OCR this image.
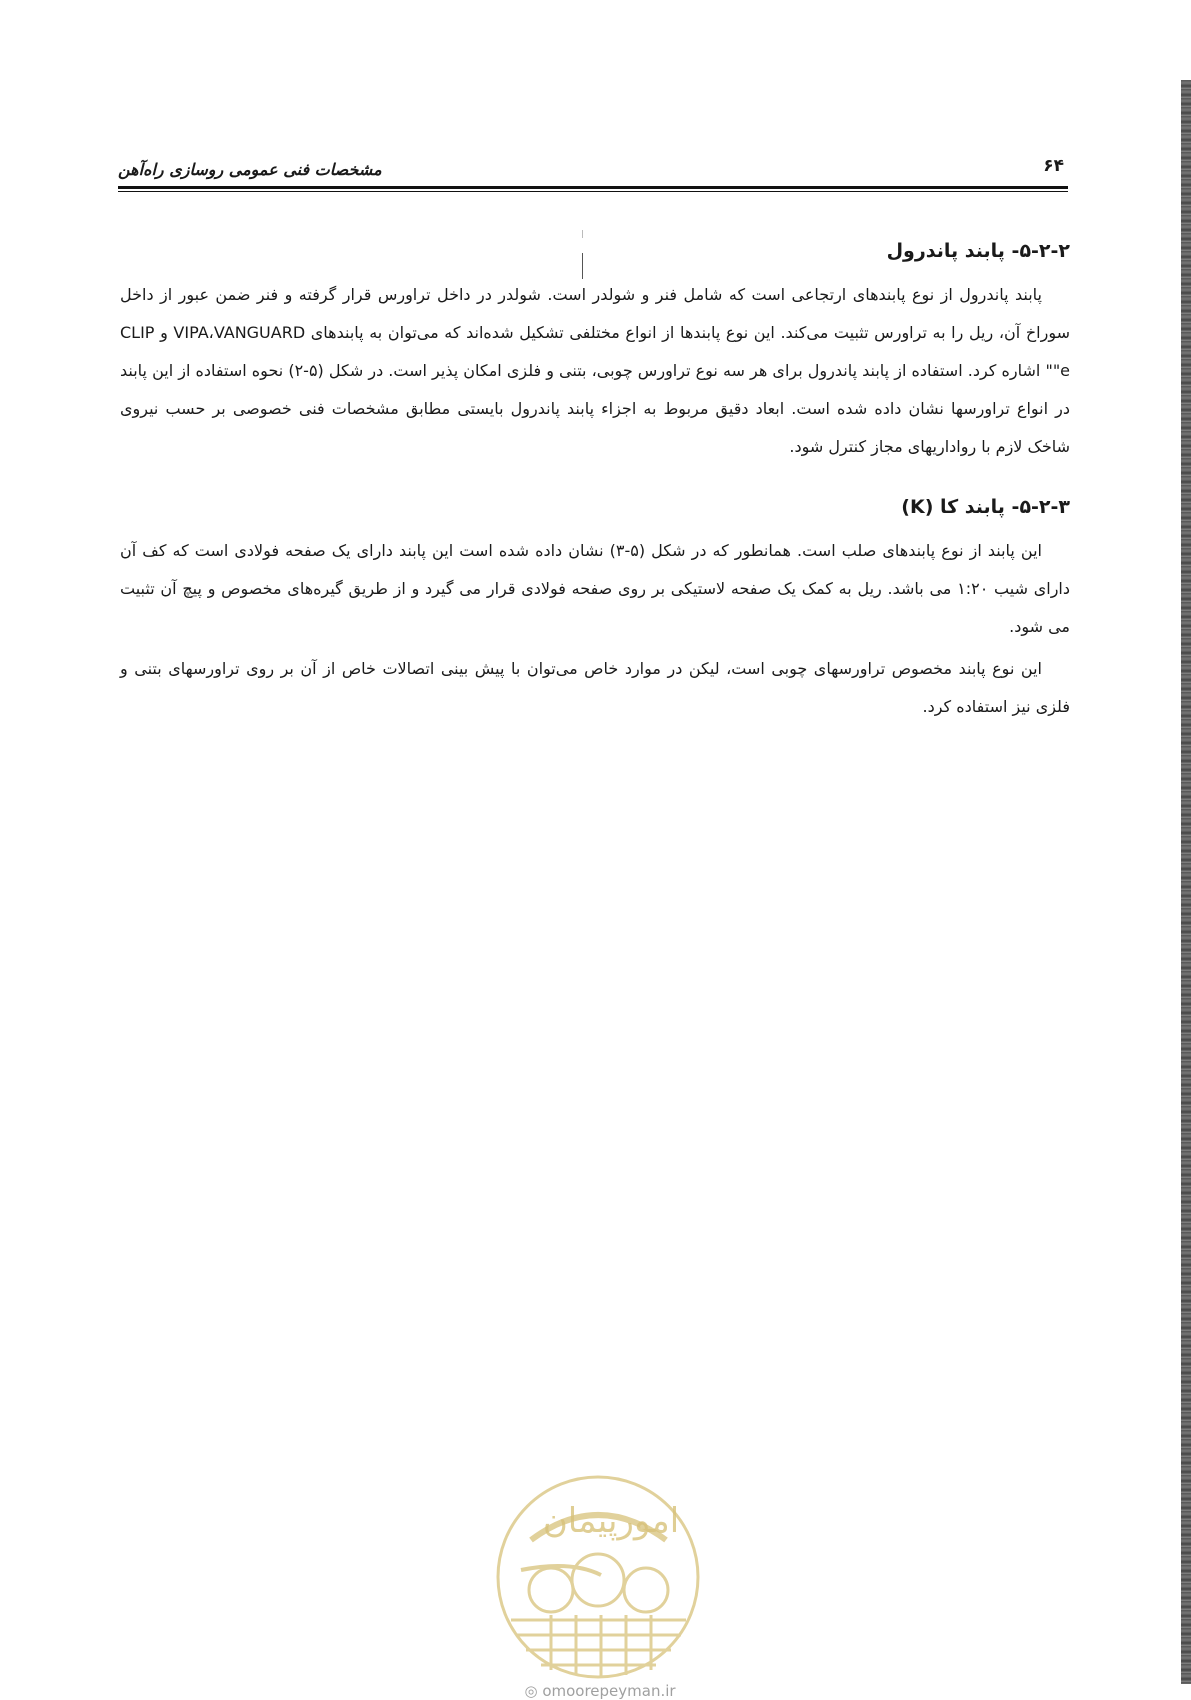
مشخصات فنی عمومی روسازی راه‌آهن	۶۴
۵-۲-۲- پابند پاندرول

پابند پاندرول از نوع پابندهای ارتجاعی است که شامل فنر و شولدر است. شولدر در داخل تراورس قرار گرفته و فنر ضمن عبور از داخل سوراخ آن، ریل را به تراورس تثبیت می‌کند. این نوع پابندها از انواع مختلفی تشکیل شده‌اند که می‌توان به پابندهای VIPA،VANGUARD و CLIP "e" اشاره کرد. استفاده از پابند پاندرول برای هر سه نوع تراورس چوبی، بتنی و فلزی امکان پذیر است. در شکل (۵-۲) نحوه استفاده از این پابند در انواع تراورسها نشان داده شده است. ابعاد دقیق مربوط به اجزاء پابند پاندرول بایستی مطابق مشخصات فنی خصوصی بر حسب نیروی شاخک لازم با رواداریهای مجاز کنترل شود.

۵-۲-۳- پابند کا (K)

این پابند از نوع پابندهای صلب است. همانطور که در شکل (۵-۳) نشان داده شده است این پابند دارای یک صفحه فولادی است که کف آن دارای شیب ۱:۲۰ می باشد. ریل به کمک یک صفحه لاستیکی بر روی صفحه فولادی قرار می گیرد و از طریق گیره‌های مخصوص و پیچ آن تثبیت می شود.

این نوع پابند مخصوص تراورسهای چوبی است، لیکن در موارد خاص می‌توان با پیش بینی اتصالات خاص از آن بر روی تراورسهای بتنی و فلزی نیز استفاده کرد.

امورپیمان
◎ omoorepeyman.ir
